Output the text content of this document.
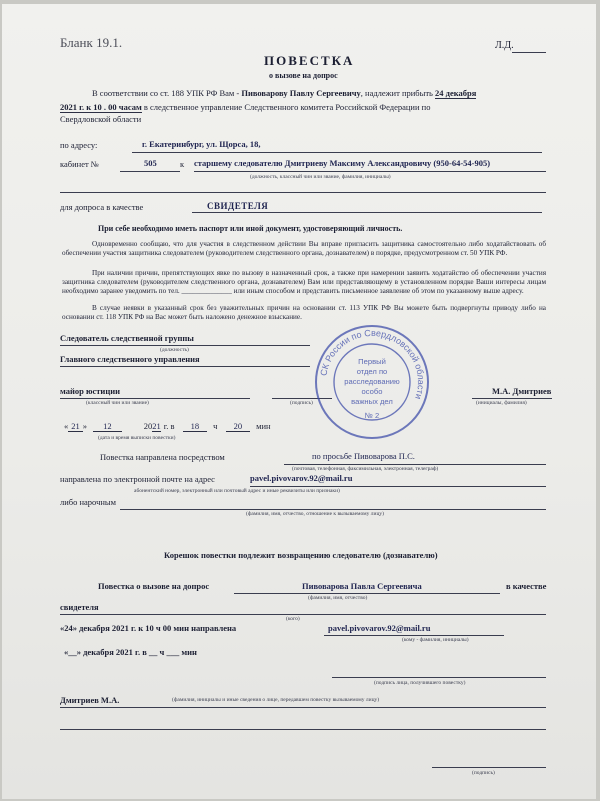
Бланк 19.1.	Л.Д.
ПОВЕСТКА
о вызове на допрос
В соответствии со ст. 188 УПК РФ Вам - Пивоварову Павлу Сергеевичу, надлежит прибыть 24 декабря
2021 г. к 10 . 00 часам в следственное управление Следственного комитета Российской Федерации по
Свердловской области
по адресу:	г. Екатеринбург, ул. Щорса, 18,
кабинет №	505	к старшему следователю Дмитриеву Максиму Александровичу (950-64-54-905)
(должность, классный чин или звание, фамилия, инициалы)
для допроса в качестве	СВИДЕТЕЛЯ
При себе необходимо иметь паспорт или иной документ, удостоверяющий личность.
Одновременно сообщаю, что для участия в следственном действии Вы вправе пригласить защитника самостоятельно либо ходатайствовать об обеспечении участия защитника следователем (руководителем следственного органа, дознавателем) в порядке, предусмотренном ст. 50 УПК РФ.
При наличии причин, препятствующих явке по вызову в назначенный срок, а также при намерении заявить ходатайство об обеспечении участия защитника следователем (руководителем следственного органа, дознавателем) Вам или представляющему в установленном порядке Ваши интересы лицам необходимо заранее уведомить по тел. ______________ или иным способом и представить письменное заявление об этом по указанному выше адресу.
В случае неявки в указанный срок без уважительных причин на основании ст. 113 УПК РФ Вы можете быть подвергнуты приводу либо на основании ст. 118 УПК РФ на Вас может быть наложено денежное взыскание.
Следователь следственной группы
(должность)
Главного следственного управления
майор юстиции
(классный чин или звание)	(подпись)
М.А. Дмитриев
(инициалы, фамилия)
« 21 » 12	2021 г. в 18 ч 20 мин
(дата и время выписки повестки)
Повестка направлена посредством	по просьбе Пивоварова П.С.
(почтовая, телефонная, факсимильная, электронная, телеграф)
направлена по электронной почте на адрес	pavel.pivovarov.92@mail.ru
абонентский номер, электронный или почтовый адрес и иные реквизиты или признаки)
либо нарочным
(фамилия, имя, отчество, отношение к вызываемому лицу)
Корешок повестки подлежит возвращению следователю (дознавателю)
Повестка о вызове на допрос	Пивоварова Павла Сергеевича	в качестве
(фамилия, имя, отчество)
свидетеля
(кого)
«24» декабря 2021 г. к 10 ч 00 мин направлена	pavel.pivovarov.92@mail.ru
(кому - фамилия, инициалы)
«__» декабря 2021 г. в __ ч ___ мин
(подпись лица, получившего повестку)
Дмитриев М.А.	(фамилия, инициалы и иные сведения о лице, передавшем повестку вызываемому лицу)
(подпись)
СК России по Свердловской области
Первый
отдел по
расследованию
особо
важных дел
№ 2
